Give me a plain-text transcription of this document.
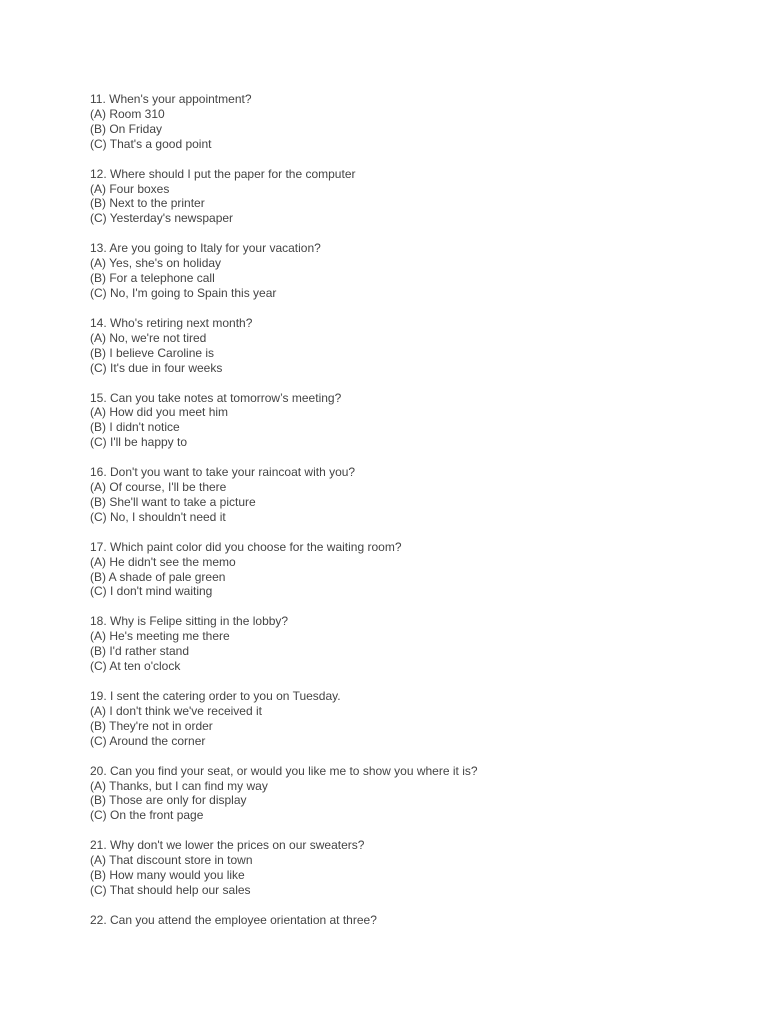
11. When's your appointment?
(A) Room 310
(B) On Friday
(C) That's a good point
12. Where should I put the paper for the computer
(A) Four boxes
(B) Next to the printer
(C) Yesterday's newspaper
13. Are you going to Italy for your vacation?
(A) Yes, she's on holiday
(B) For a telephone call
(C) No, I'm going to Spain this year
14. Who's retiring next month?
(A) No, we're not tired
(B) I believe Caroline is
(C) It's due in four weeks
15. Can you take notes at tomorrow’s meeting?
(A) How did you meet him
(B) I didn't notice
(C) I'll be happy to
16. Don't you want to take your raincoat with you?
(A) Of course, I'll be there
(B) She'll want to take a picture
(C) No, I shouldn't need it
17. Which paint color did you choose for the waiting room?
(A) He didn't see the memo
(B) A shade of pale green
(C) I don't mind waiting
18. Why is Felipe sitting in the lobby?
(A) He's meeting me there
(B) I'd rather stand
(C) At ten o'clock
19. I sent the catering order to you on Tuesday.
(A) I don't think we've received it
(B) They're not in order
(C) Around the corner
20. Can you find your seat, or would you like me to show you where it is?
(A) Thanks, but I can find my way
(B) Those are only for display
(C) On the front page
21. Why don't we lower the prices on our sweaters?
(A) That discount store in town
(B) How many would you like
(C) That should help our sales
22. Can you attend the employee orientation at three?
